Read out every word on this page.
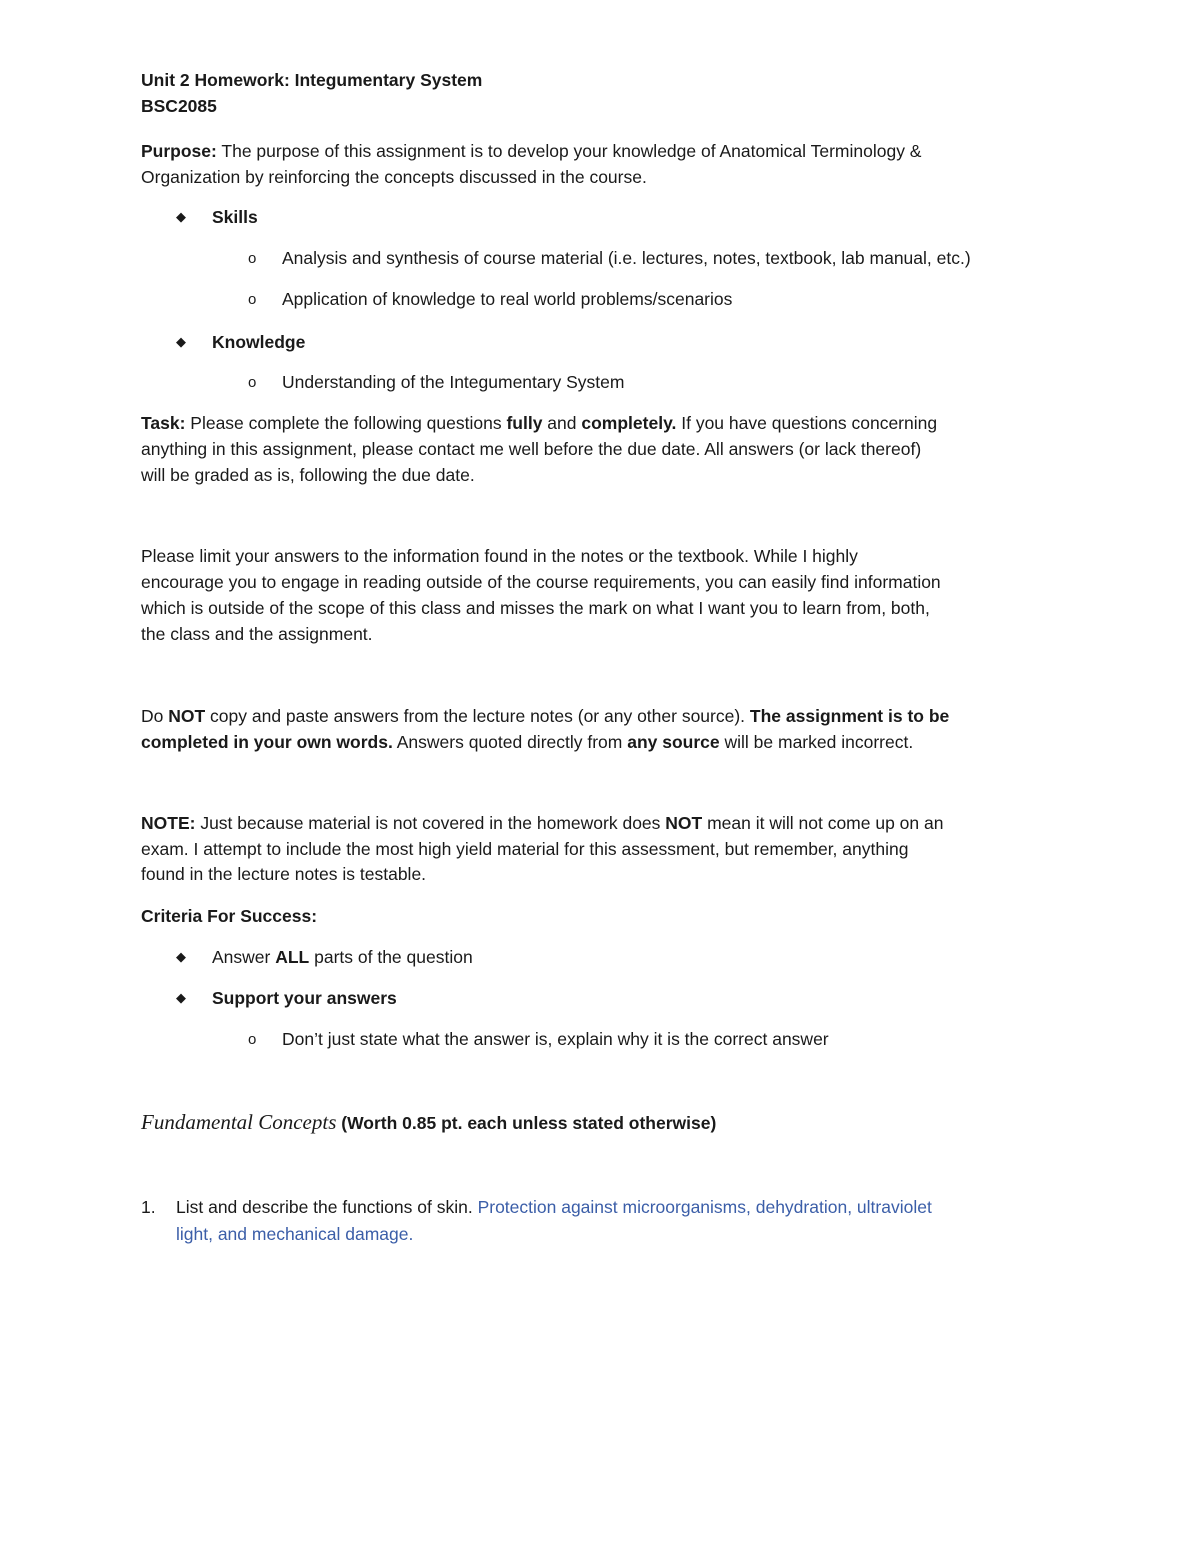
Unit 2 Homework: Integumentary System
BSC2085
Purpose: The purpose of this assignment is to develop your knowledge of Anatomical Terminology &
Organization by reinforcing the concepts discussed in the course.
◆ Skills
o Analysis and synthesis of course material (i.e. lectures, notes, textbook, lab manual, etc.)
o Application of knowledge to real world problems/scenarios
◆ Knowledge
o Understanding of the Integumentary System
Task: Please complete the following questions fully and completely. If you have questions concerning
anything in this assignment, please contact me well before the due date. All answers (or lack thereof)
will be graded as is, following the due date.
Please limit your answers to the information found in the notes or the textbook. While I highly
encourage you to engage in reading outside of the course requirements, you can easily find information
which is outside of the scope of this class and misses the mark on what I want you to learn from, both,
the class and the assignment.
Do NOT copy and paste answers from the lecture notes (or any other source). The assignment is to be
completed in your own words. Answers quoted directly from any source will be marked incorrect.
NOTE: Just because material is not covered in the homework does NOT mean it will not come up on an
exam. I attempt to include the most high yield material for this assessment, but remember, anything
found in the lecture notes is testable.
Criteria For Success:
◆ Answer ALL parts of the question
◆ Support your answers
o Don’t just state what the answer is, explain why it is the correct answer
Fundamental Concepts (Worth 0.85 pt. each unless stated otherwise)
1. List and describe the functions of skin. Protection against microorganisms, dehydration, ultraviolet
light, and mechanical damage.
